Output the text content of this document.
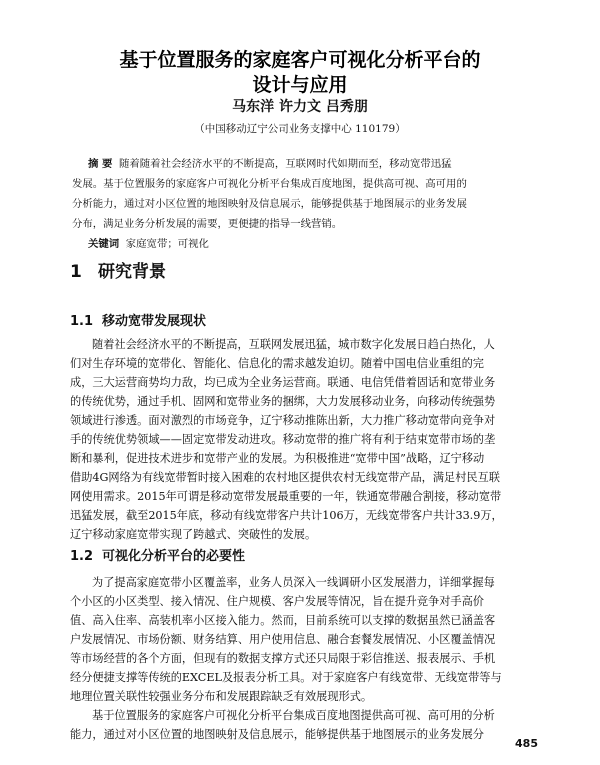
基于位置服务的家庭客户可视化分析平台的
设计与应用
马东洋 许力文 吕秀朋
（中国移动辽宁公司业务支撑中心 110179）
摘 要 随着随着社会经济水平的不断提高，互联网时代如期而至，移动宽带迅猛
发展。基于位置服务的家庭客户可视化分析平台集成百度地图，提供高可视、高可用的
分析能力，通过对小区位置的地图映射及信息展示，能够提供基于地图展示的业务发展
分布，满足业务分析发展的需要，更便捷的指导一线营销。
关键词 家庭宽带；可视化
1 研究背景
1.1 移动宽带发展现状
随着社会经济水平的不断提高，互联网发展迅猛，城市数字化发展日趋白热化，人
们对生存环境的宽带化、智能化、信息化的需求越发迫切。随着中国电信业重组的完
成，三大运营商势均力敌，均已成为全业务运营商。联通、电信凭借着固话和宽带业务
的传统优势，通过手机、固网和宽带业务的捆绑，大力发展移动业务，向移动传统强势
领域进行渗透。面对激烈的市场竞争，辽宁移动推陈出新，大力推广移动宽带向竞争对
手的传统优势领域——固定宽带发动进攻。移动宽带的推广将有利于结束宽带市场的垄
断和暴利，促进技术进步和宽带产业的发展。为积极推进“宽带中国”战略，辽宁移动
借助4G网络为有线宽带暂时接入困难的农村地区提供农村无线宽带产品，满足村民互联
网使用需求。2015年可谓是移动宽带发展最重要的一年，铁通宽带融合割接，移动宽带
迅猛发展，截至2015年底，移动有线宽带客户共计106万，无线宽带客户共计33.9万，
辽宁移动家庭宽带实现了跨越式、突破性的发展。
1.2 可视化分析平台的必要性
为了提高家庭宽带小区覆盖率，业务人员深入一线调研小区发展潜力，详细掌握每
个小区的小区类型、接入情况、住户规模、客户发展等情况，旨在提升竞争对手高价
值、高入住率、高装机率小区接入能力。然而，目前系统可以支撑的数据虽然已涵盖客
户发展情况、市场份额、财务结算、用户使用信息、融合套餐发展情况、小区覆盖情况
等市场经营的各个方面，但现有的数据支撑方式还只局限于彩信推送、报表展示、手机
经分便捷支撑等传统的EXCEL及报表分析工具。对于家庭客户有线宽带、无线宽带等与
地理位置关联性较强业务分布和发展跟踪缺乏有效展现形式。
基于位置服务的家庭客户可视化分析平台集成百度地图提供高可视、高可用的分析
能力，通过对小区位置的地图映射及信息展示，能够提供基于地图展示的业务发展分
485
